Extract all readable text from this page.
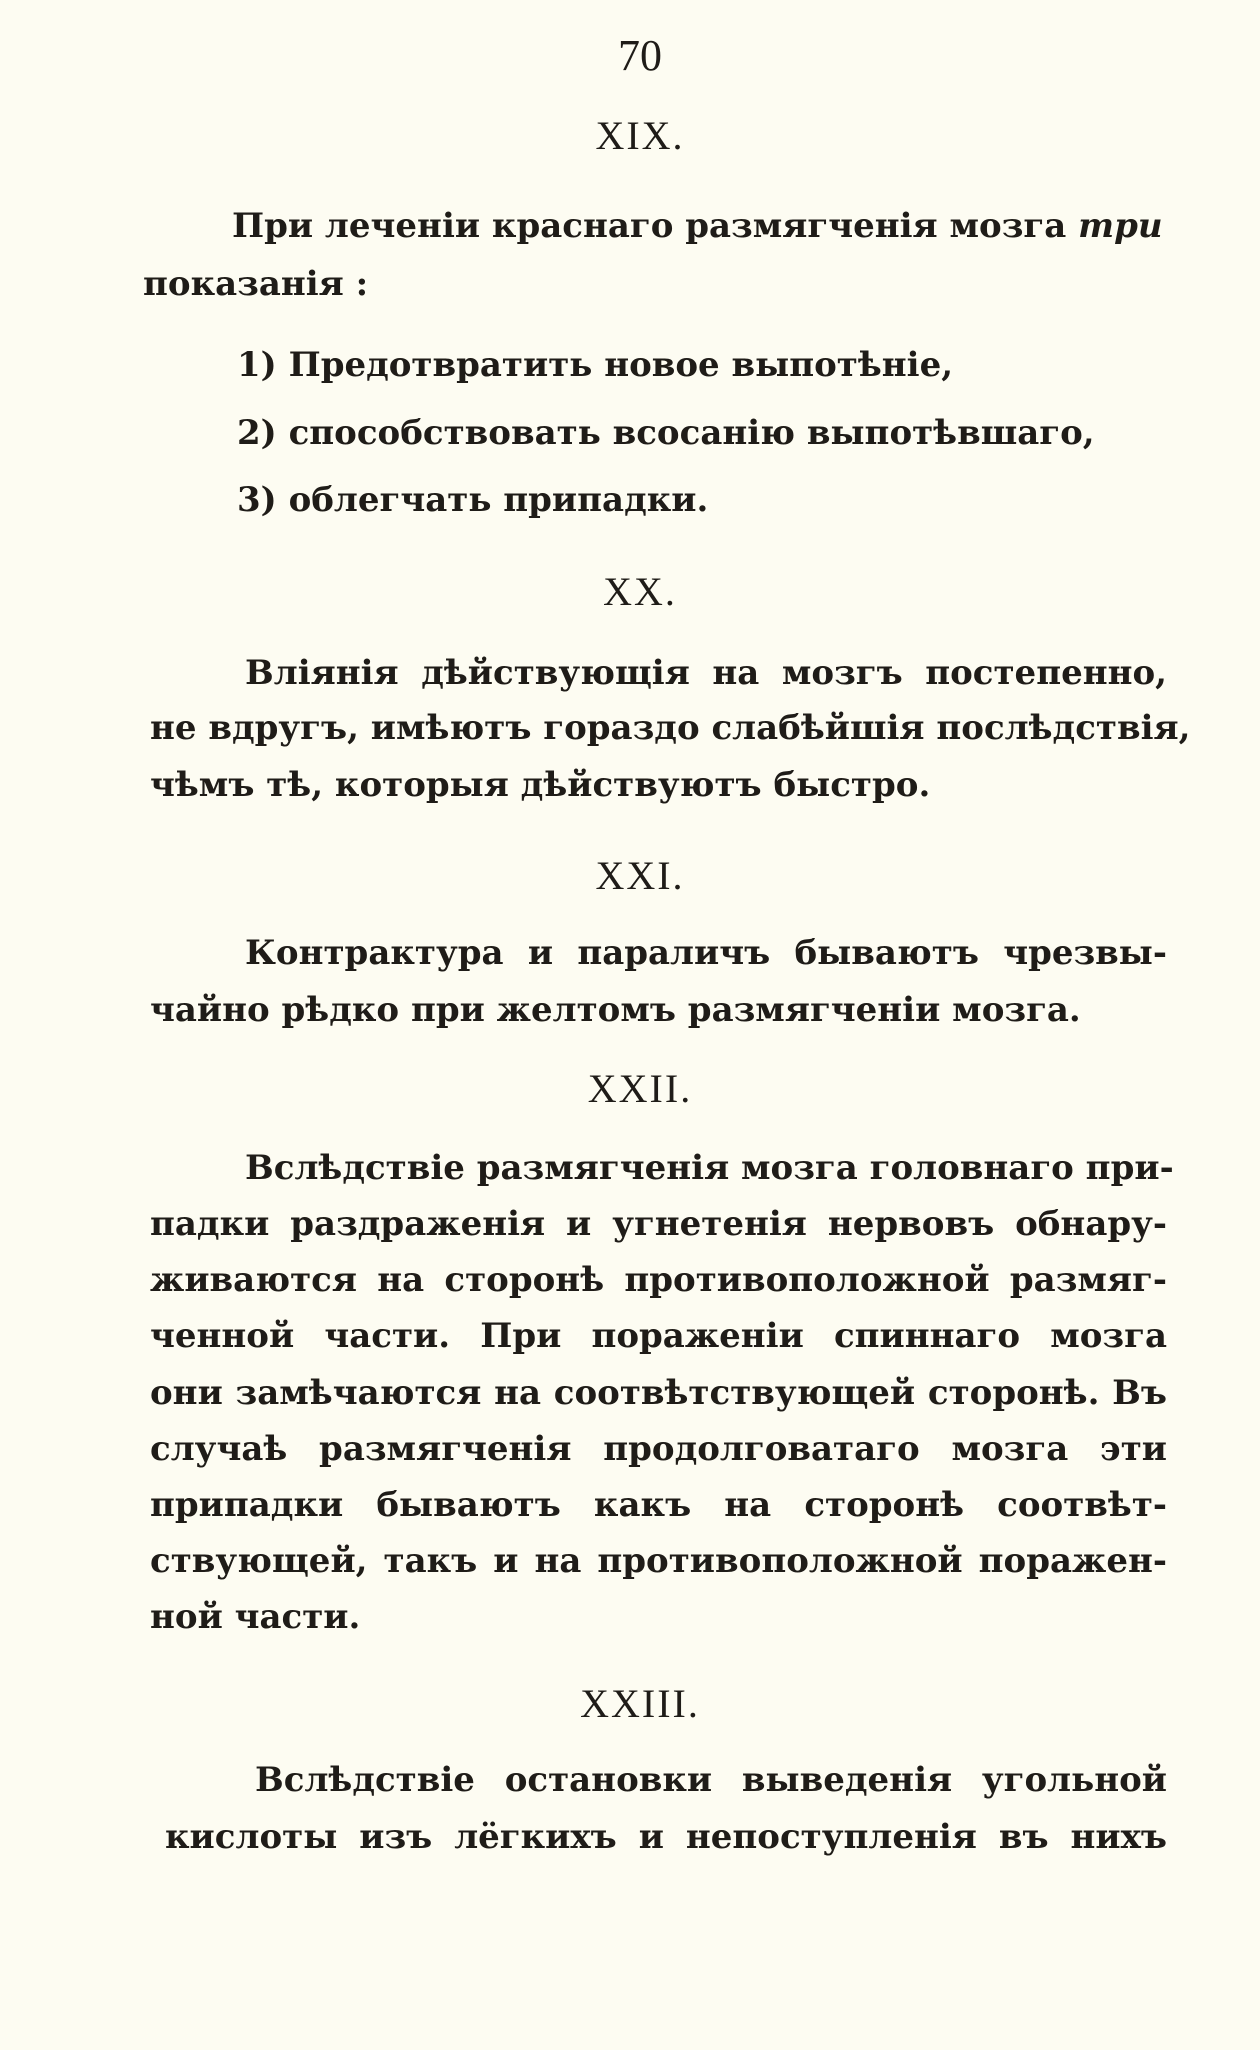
70
XIX.
При леченіи краснаго размягченія мозга три
показанія :
1) Предотвратить новое выпотѣніе,
2) способствовать всосанію выпотѣвшаго,
3) облегчать припадки.
XX.
Вліянія дѣйствующія на мозгъ постепенно,
не вдругъ, имѣютъ гораздо слабѣйшія послѣдствія,
чѣмъ тѣ, которыя дѣйствуютъ быстро.
XXI.
Контрактура и параличъ бываютъ чрезвы-
чайно рѣдко при желтомъ размягченіи мозга.
XXII.
Вслѣдствіе размягченія мозга головнаго при-
падки раздраженія и угнетенія нервовъ обнару-
живаются на сторонѣ противоположной размяг-
ченной части. При пораженіи спиннаго мозга
они замѣчаются на соотвѣтствующей сторонѣ. Въ
случаѣ размягченія продолговатаго мозга эти
припадки бываютъ какъ на сторонѣ соотвѣт-
ствующей, такъ и на противоположной поражен-
ной части.
XXIII.
Вслѣдствіе остановки выведенія угольной
кислоты изъ лёгкихъ и непоступленія въ нихъ
